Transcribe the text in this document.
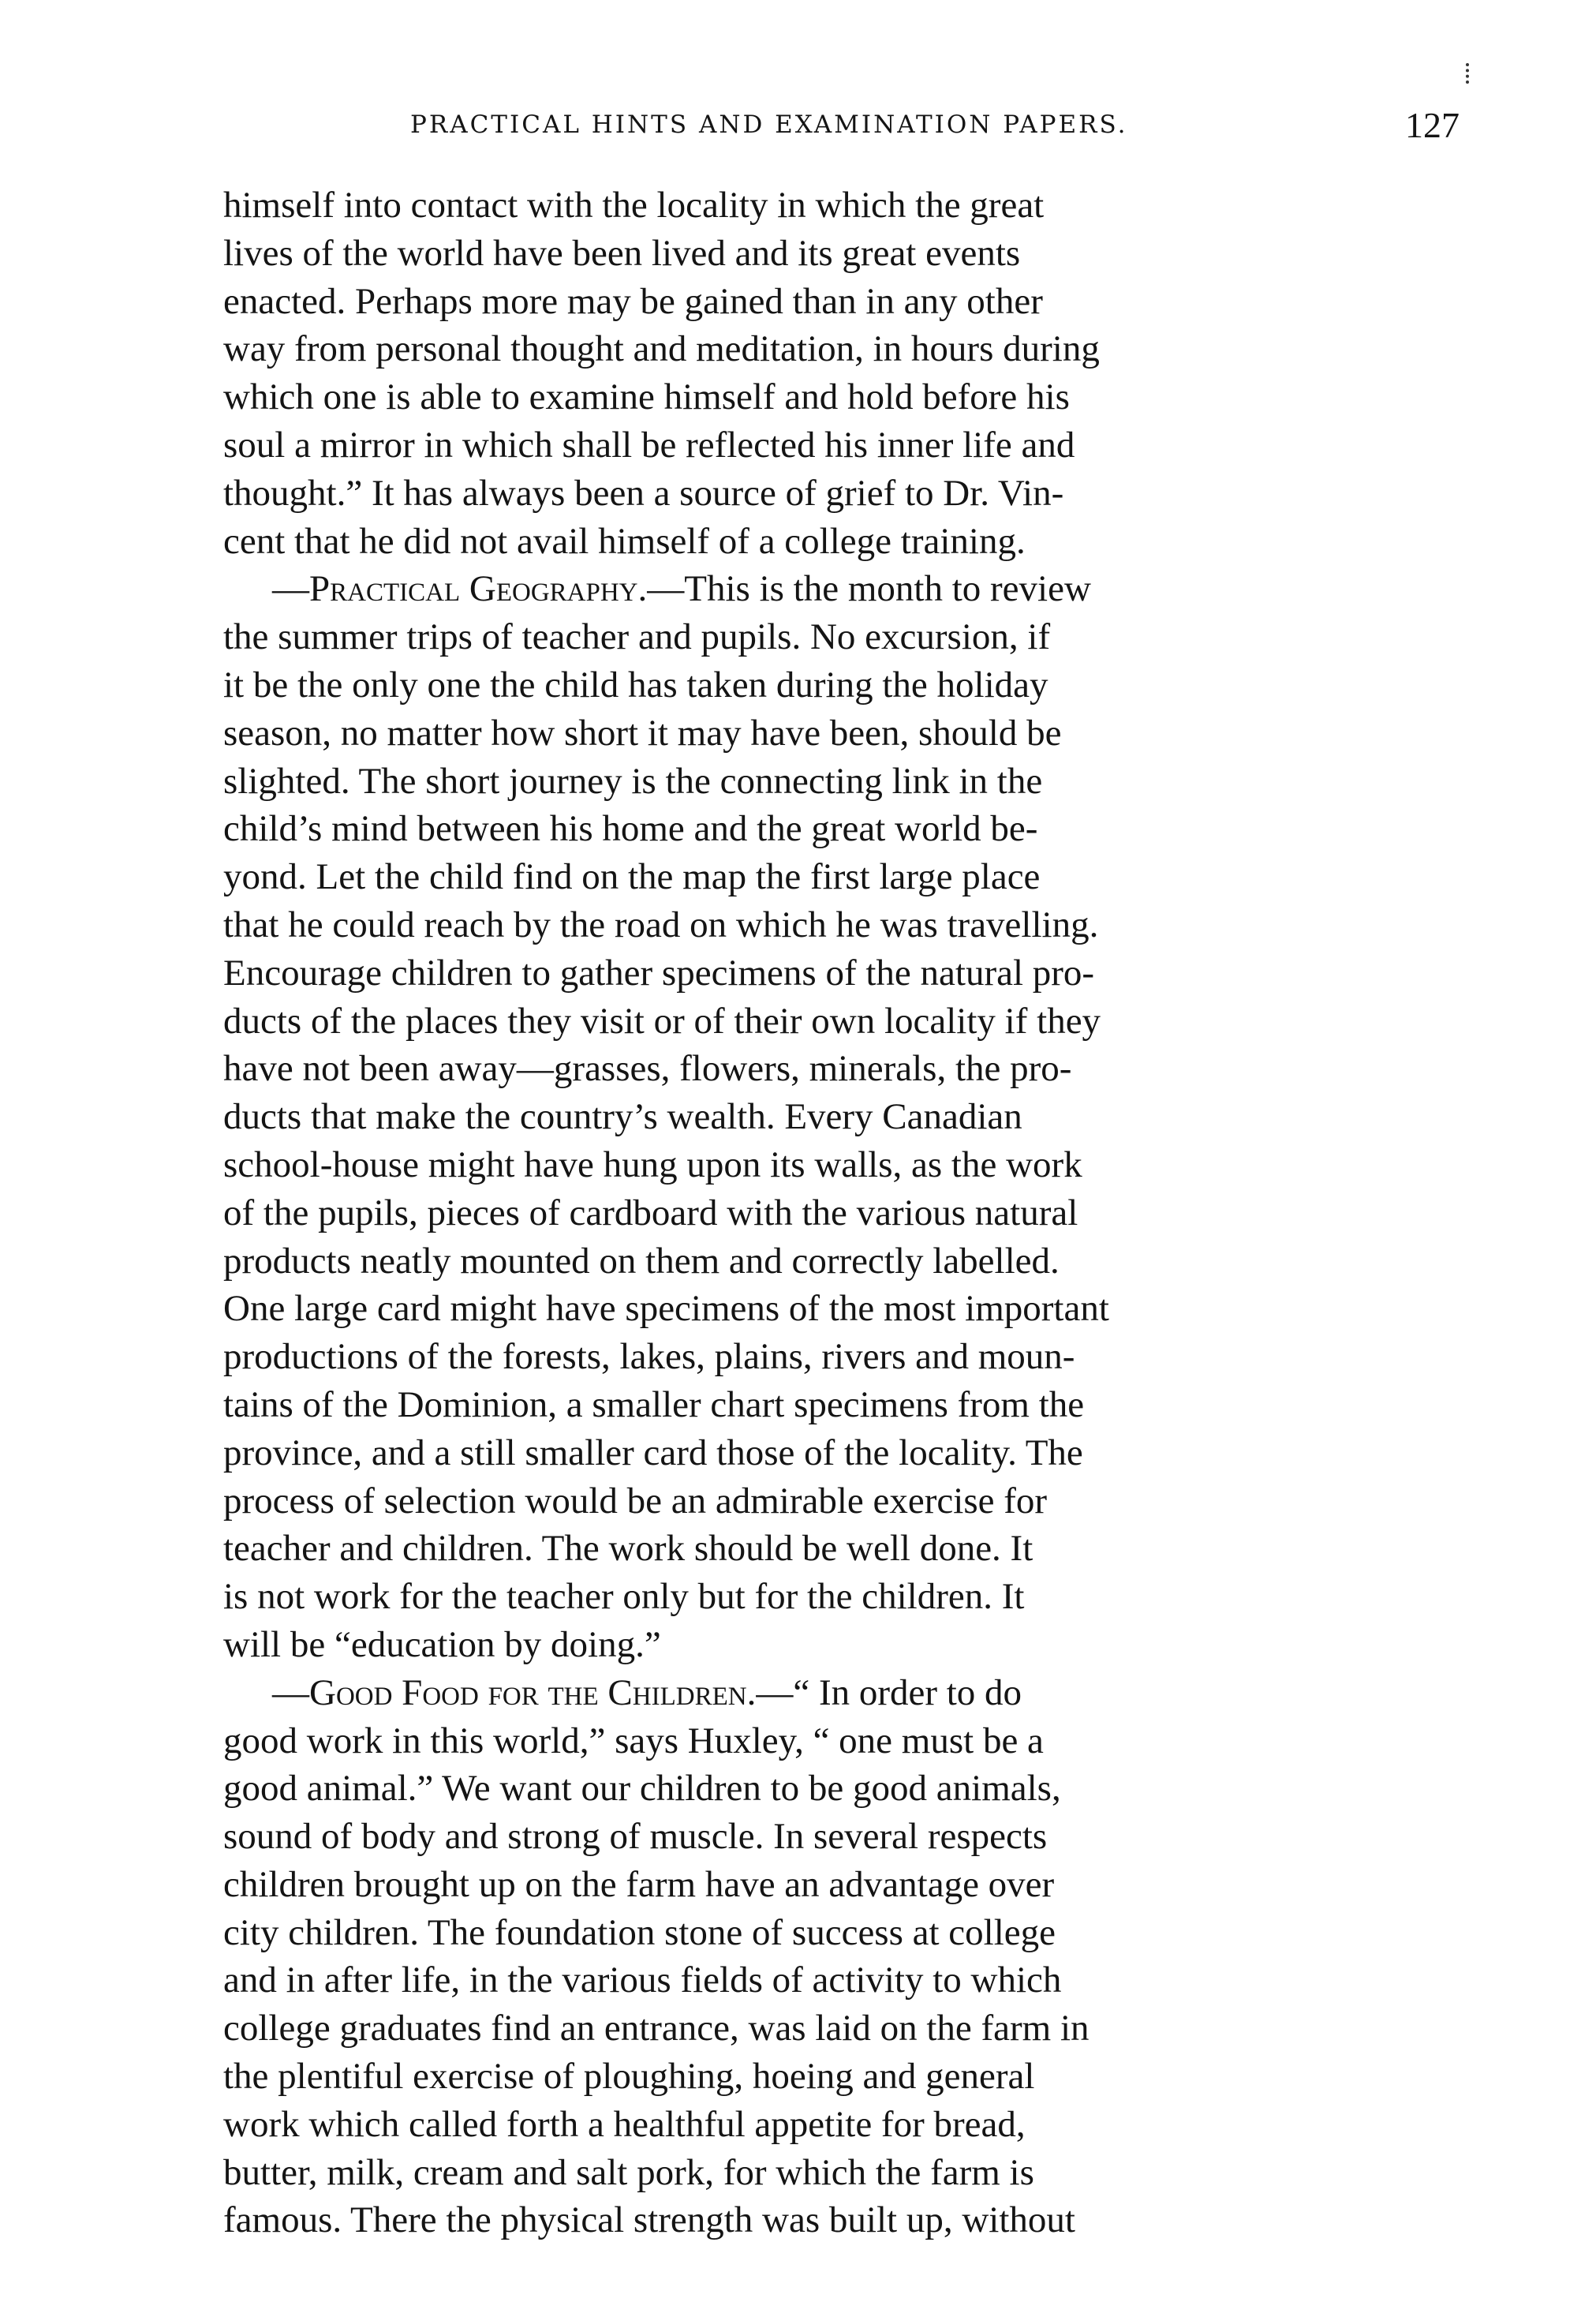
PRACTICAL HINTS AND EXAMINATION PAPERS.	127
himself into contact with the locality in which the great
lives of the world have been lived and its great events
enacted. Perhaps more may be gained than in any other
way from personal thought and meditation, in hours during
which one is able to examine himself and hold before his
soul a mirror in which shall be reflected his inner life and
thought.” It has always been a source of grief to Dr. Vin-
cent that he did not avail himself of a college training.
—Practical Geography.—This is the month to review
the summer trips of teacher and pupils. No excursion, if
it be the only one the child has taken during the holiday
season, no matter how short it may have been, should be
slighted. The short journey is the connecting link in the
child’s mind between his home and the great world be-
yond. Let the child find on the map the first large place
that he could reach by the road on which he was travelling.
Encourage children to gather specimens of the natural pro-
ducts of the places they visit or of their own locality if they
have not been away—grasses, flowers, minerals, the pro-
ducts that make the country’s wealth. Every Canadian
school-house might have hung upon its walls, as the work
of the pupils, pieces of cardboard with the various natural
products neatly mounted on them and correctly labelled.
One large card might have specimens of the most important
productions of the forests, lakes, plains, rivers and moun-
tains of the Dominion, a smaller chart specimens from the
province, and a still smaller card those of the locality. The
process of selection would be an admirable exercise for
teacher and children. The work should be well done. It
is not work for the teacher only but for the children. It
will be “education by doing.”
—Good Food for the Children.—“ In order to do
good work in this world,” says Huxley, “ one must be a
good animal.” We want our children to be good animals,
sound of body and strong of muscle. In several respects
children brought up on the farm have an advantage over
city children. The foundation stone of success at college
and in after life, in the various fields of activity to which
college graduates find an entrance, was laid on the farm in
the plentiful exercise of ploughing, hoeing and general
work which called forth a healthful appetite for bread,
butter, milk, cream and salt pork, for which the farm is
famous. There the physical strength was built up, without
